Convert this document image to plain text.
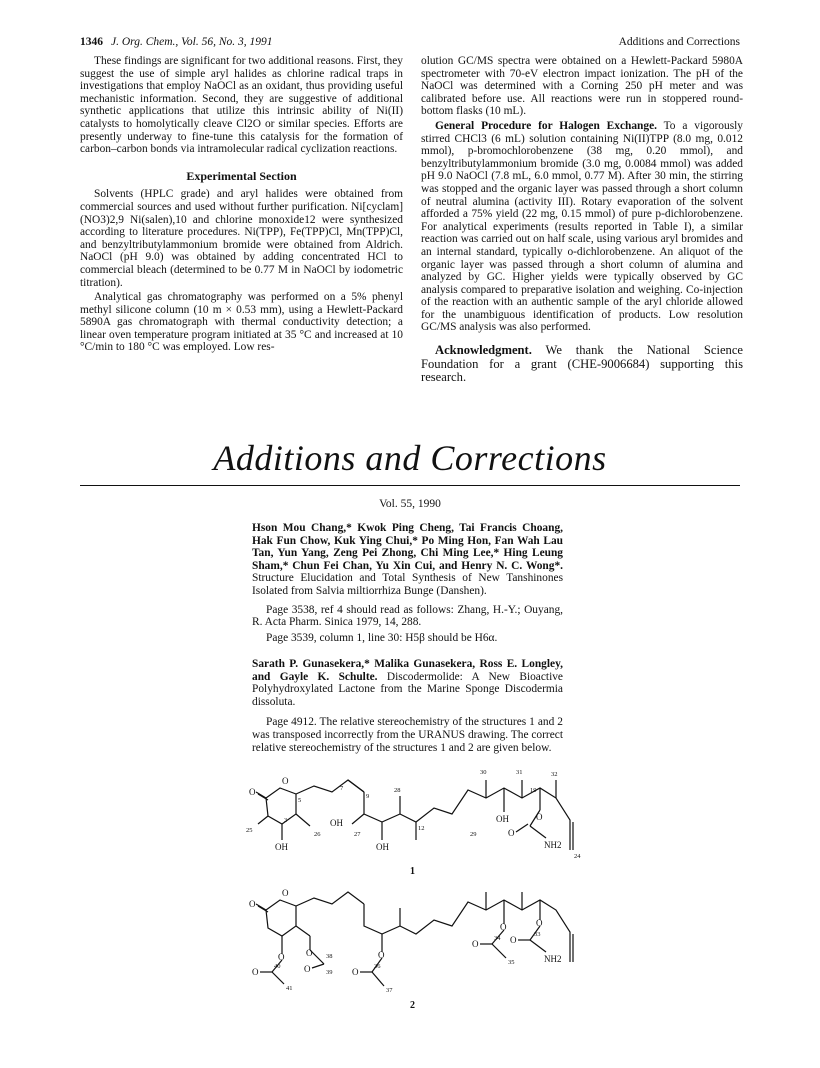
1346 J. Org. Chem., Vol. 56, No. 3, 1991	Additions and Corrections

These findings are significant for two additional reasons. First, they suggest the use of simple aryl halides as chlorine radical traps in investigations that employ NaOCl as an oxidant, thus providing useful mechanistic information. Second, they are suggestive of additional synthetic applications that utilize this intrinsic ability of Ni(II) catalysts to homolytically cleave Cl2O or similar species. Efforts are presently underway to fine-tune this catalysis for the formation of carbon–carbon bonds via intramolecular radical cyclization reactions.

Experimental Section

Solvents (HPLC grade) and aryl halides were obtained from commercial sources and used without further purification. Ni[cyclam](NO3)2,9 Ni(salen),10 and chlorine monoxide12 were synthesized according to literature procedures. Ni(TPP), Fe(TPP)Cl, Mn(TPP)Cl, and benzyltributylammonium bromide were obtained from Aldrich. NaOCl (pH 9.0) was obtained by adding concentrated HCl to commercial bleach (determined to be 0.77 M in NaOCl by iodometric titration).

Analytical gas chromatography was performed on a 5% phenyl methyl silicone column (10 m × 0.53 mm), using a Hewlett-Packard 5890A gas chromatograph with thermal conductivity detection; a linear oven temperature program initiated at 35 °C and increased at 10 °C/min to 180 °C was employed. Low res-

olution GC/MS spectra were obtained on a Hewlett-Packard 5980A spectrometer with 70-eV electron impact ionization. The pH of the NaOCl was determined with a Corning 250 pH meter and was calibrated before use. All reactions were run in stoppered round-bottom flasks (10 mL).

General Procedure for Halogen Exchange. To a vigorously stirred CHCl3 (6 mL) solution containing Ni(II)TPP (8.0 mg, 0.012 mmol), p-bromochlorobenzene (38 mg, 0.20 mmol), and benzyltributylammonium bromide (3.0 mg, 0.0084 mmol) was added pH 9.0 NaOCl (7.8 mL, 6.0 mmol, 0.77 M). After 30 min, the stirring was stopped and the organic layer was passed through a short column of neutral alumina (activity III). Rotary evaporation of the solvent afforded a 75% yield (22 mg, 0.15 mmol) of pure p-dichlorobenzene. For analytical experiments (results reported in Table I), a similar reaction was carried out on half scale, using various aryl bromides and an internal standard, typically o-dichlorobenzene. An aliquot of the organic layer was passed through a short column of alumina and analyzed by GC. Higher yields were typically observed by GC analysis compared to preparative isolation and weighing. Co-injection of the reaction with an authentic sample of the aryl chloride allowed for the unambiguous identification of products. Low resolution GC/MS analysis was also performed.

Acknowledgment. We thank the National Science Foundation for a grant (CHE-9006684) supporting this research.

Additions and Corrections
Vol. 55, 1990

Hson Mou Chang,* Kwok Ping Cheng, Tai Francis Choang, Hak Fun Chow, Kuk Ying Chui,* Po Ming Hon, Fan Wah Lau Tan, Yun Yang, Zeng Pei Zhong, Chi Ming Lee,* Hing Leung Sham,* Chun Fei Chan, Yu Xin Cui, and Henry N. C. Wong*. Structure Elucidation and Total Synthesis of New Tanshinones Isolated from Salvia miltiorrhiza Bunge (Danshen).

Page 3538, ref 4 should read as follows: Zhang, H.-Y.; Ouyang, R. Acta Pharm. Sinica 1979, 14, 288.

Page 3539, column 1, line 30: H5β should be H6α.

Sarath P. Gunasekera,* Malika Gunasekera, Ross E. Longley, and Gayle K. Schulte. Discodermolide: A New Bioactive Polyhydroxylated Lactone from the Marine Sponge Discodermia dissoluta.

Page 4912. The relative stereochemistry of the structures 1 and 2 was transposed incorrectly from the URANUS drawing. The correct relative stereochemistry of the structures 1 and 2 are given below.

O
O
OH
OH
OH
OH	O
O
NH2
30	31	32
19
28
7
9
5
3
12
25
26	27	29
24
1
O
O
O
O
O
O
O
O
O
O
O
O
NH2
38
39
40
41
36
37
33
34
35
2
